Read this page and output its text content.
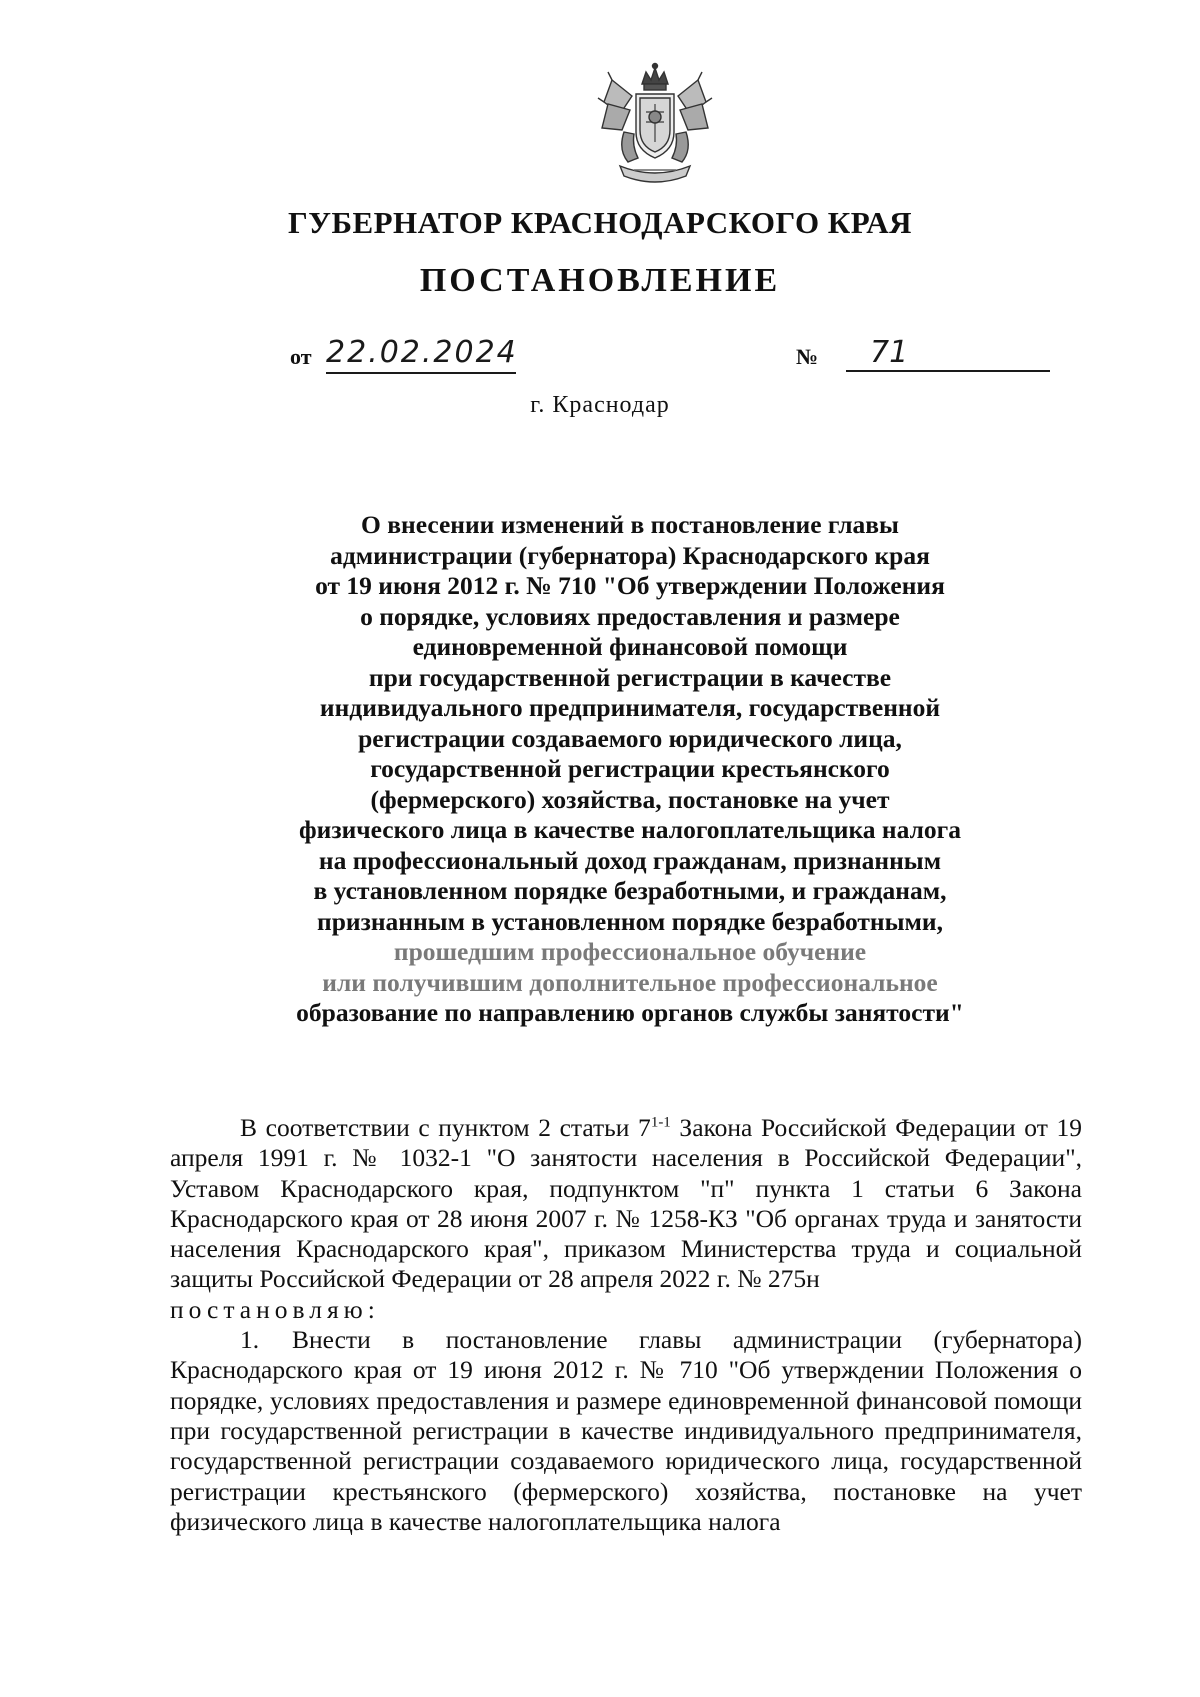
ГУБЕРНАТОР КРАСНОДАРСКОГО КРАЯ
ПОСТАНОВЛЕНИЕ
от 22.02.2024	№	71
г. Краснодар
О внесении изменений в постановление главы
администрации (губернатора) Краснодарского края
от 19 июня 2012 г. № 710 "Об утверждении Положения
о порядке, условиях предоставления и размере
единовременной финансовой помощи
при государственной регистрации в качестве
индивидуального предпринимателя, государственной
регистрации создаваемого юридического лица,
государственной регистрации крестьянского
(фермерского) хозяйства, постановке на учет
физического лица в качестве налогоплательщика налога
на профессиональный доход гражданам, признанным
в установленном порядке безработными, и гражданам,
признанным в установленном порядке безработными,
прошедшим профессиональное обучение
или получившим дополнительное профессиональное
образование по направлению органов службы занятости"

В соответствии с пунктом 2 статьи 7$^{1-1}$ Закона Российской Федерации от 19 апреля 1991 г. № 1032-1 "О занятости населения в Российской Федерации", Уставом Краснодарского края, подпунктом "п" пункта 1 статьи 6 Закона Краснодарского края от 28 июня 2007 г. № 1258-КЗ "Об органах труда и занятости населения Краснодарского края", приказом Министерства труда и социальной защиты Российской Федерации от 28 апреля 2022 г. № 275н

постановляю:

1. Внести в постановление главы администрации (губернатора) Краснодарского края от 19 июня 2012 г. № 710 "Об утверждении Положения о порядке, условиях предоставления и размере единовременной финансовой помощи при государственной регистрации в качестве индивидуального предпринимателя, государственной регистрации создаваемого юридического лица, государственной регистрации крестьянского (фермерского) хозяйства, постановке на учет физического лица в качестве налогоплательщика налога
